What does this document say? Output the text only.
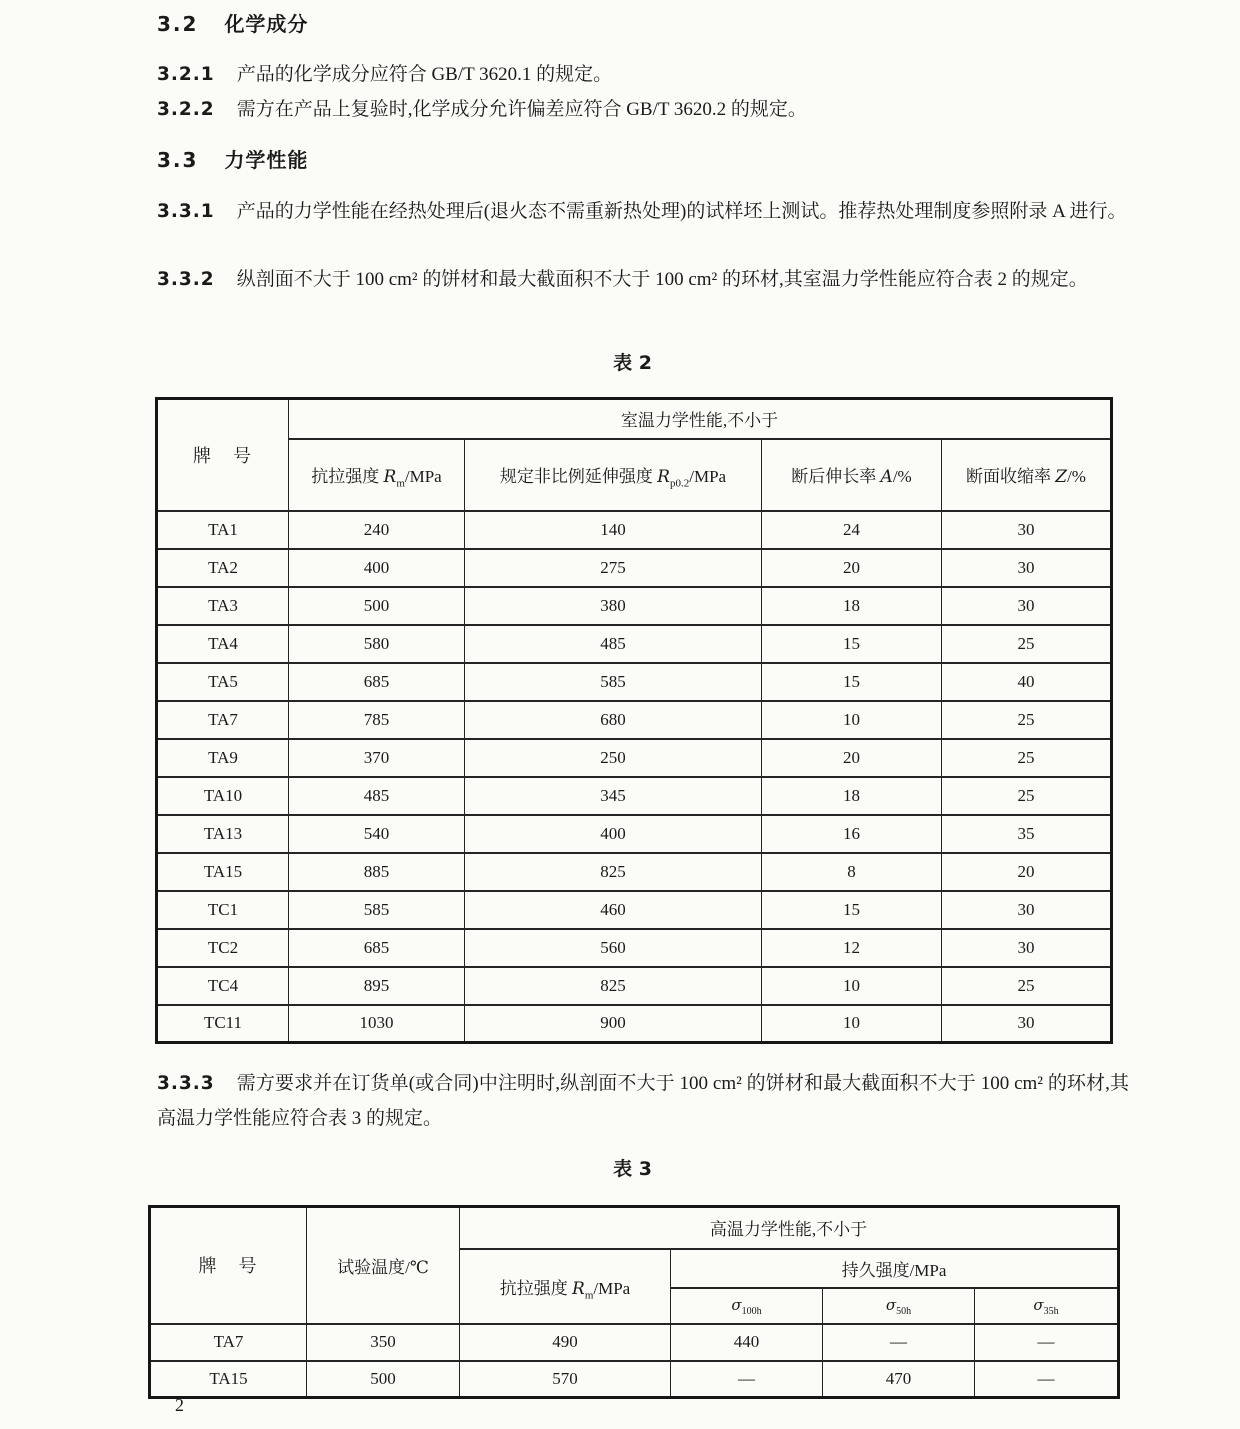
3.2 化学成分
3.2.1 产品的化学成分应符合 GB/T 3620.1 的规定。
3.2.2 需方在产品上复验时,化学成分允许偏差应符合 GB/T 3620.2 的规定。
3.3 力学性能
3.3.1 产品的力学性能在经热处理后(退火态不需重新热处理)的试样坯上测试。推荐热处理制度参照附录 A 进行。
3.3.2 纵剖面不大于 100 cm² 的饼材和最大截面积不大于 100 cm² 的环材,其室温力学性能应符合表 2 的规定。
表 2
牌　号	室温力学性能,不小于			
	抗拉强度 $R_m$/MPa	规定非比例延伸强度 $R_{p0.2}$/MPa	断后伸长率 A/%	断面收缩率 Z/%
TA1	240	140	24	30
TA2	400	275	20	30
TA3	500	380	18	30
TA4	580	485	15	25
TA5	685	585	15	40
TA7	785	680	10	25
TA9	370	250	20	25
TA10	485	345	18	25
TA13	540	400	16	35
TA15	885	825	8	20
TC1	585	460	15	30
TC2	685	560	12	30
TC4	895	825	10	25
TC11	1030	900	10	30
3.3.3 需方要求并在订货单(或合同)中注明时,纵剖面不大于 100 cm² 的饼材和最大截面积不大于 100 cm² 的环材,其高温力学性能应符合表 3 的规定。
表 3
牌　号	试验温度/℃	高温力学性能,不小于			
		抗拉强度 $R_m$/MPa	持久强度/MPa		
			$\sigma_{100h}$	$\sigma_{50h}$	$\sigma_{35h}$
TA7	350	490	440	—	—
TA15	500	570	—	470	—
2
